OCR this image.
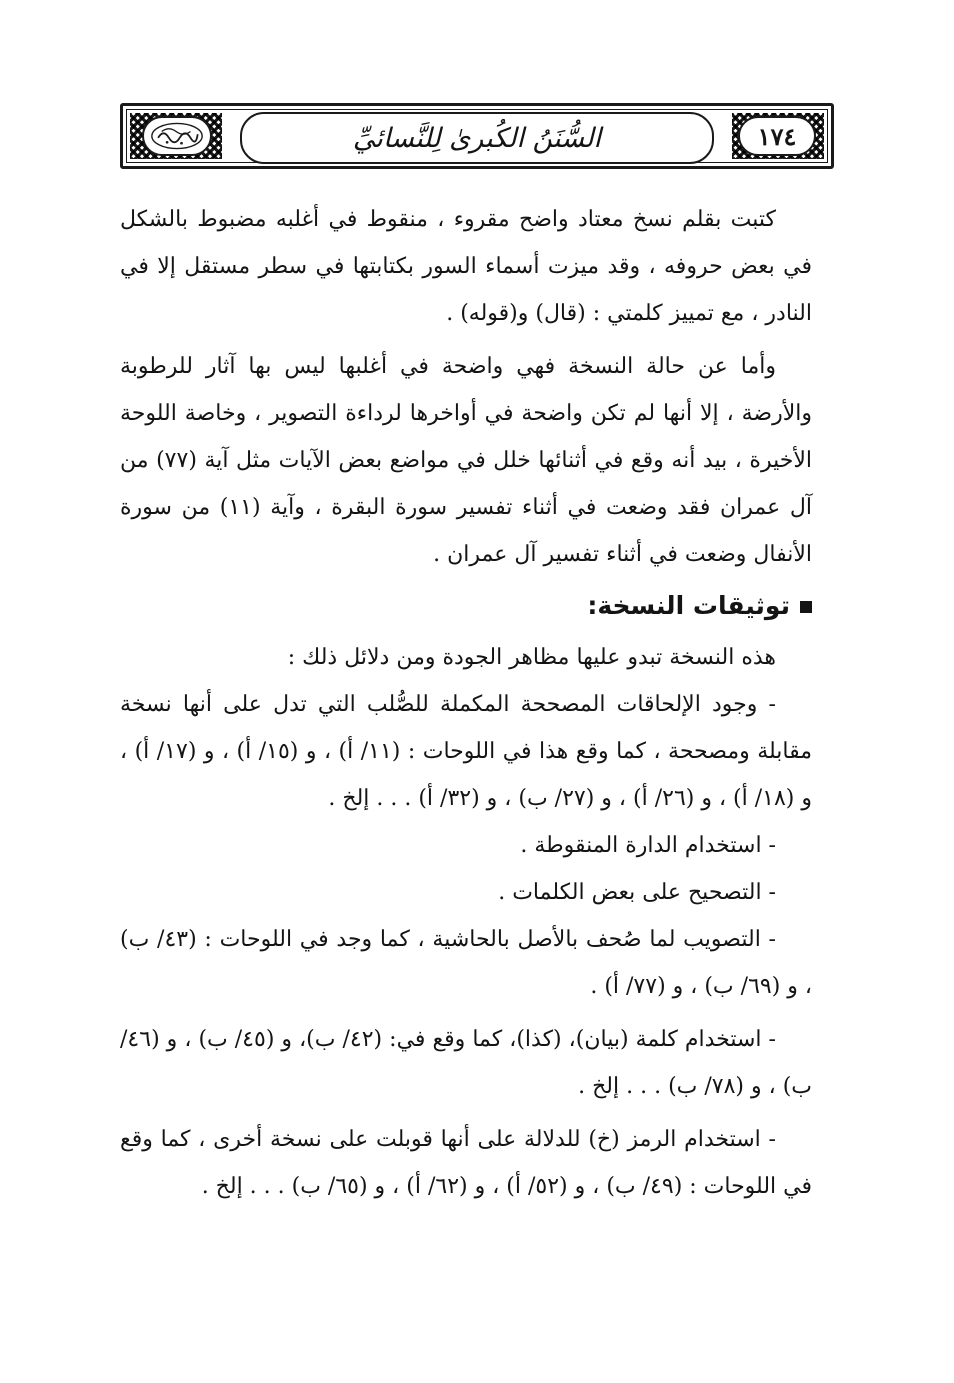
السُّنَنُ الكُبرىٰ لِلنَّسائيِّ	١٧٤

كتبت بقلم نسخ معتاد واضح مقروء ، منقوط في أغلبه مضبوط بالشكل في بعض حروفه ، وقد ميزت أسماء السور بكتابتها في سطر مستقل إلا في النادر ، مع تمييز كلمتي : (قال) و(قوله) .

وأما عن حالة النسخة فهي واضحة في أغلبها ليس بها آثار للرطوبة والأرضة ، إلا أنها لم تكن واضحة في أواخرها لرداءة التصوير ، وخاصة اللوحة الأخيرة ، بيد أنه وقع في أثنائها خلل في مواضع بعض الآيات مثل آية (٧٧) من آل عمران فقد وضعت في أثناء تفسير سورة البقرة ، وآية (١١) من سورة الأنفال وضعت في أثناء تفسير آل عمران .

توثيقات النسخة:

هذه النسخة تبدو عليها مظاهر الجودة ومن دلائل ذلك :

- وجود الإلحاقات المصححة المكملة للصُّلب التي تدل على أنها نسخة مقابلة ومصححة ، كما وقع هذا في اللوحات : (١١/ أ) ، و (١٥/ أ) ، و (١٧/ أ) ، و (١٨/ أ) ، و (٢٦/ أ) ، و (٢٧/ ب) ، و (٣٢/ أ) . . . إلخ .

- استخدام الدارة المنقوطة .

- التصحيح على بعض الكلمات .

- التصويب لما صُحف بالأصل بالحاشية ، كما وجد في اللوحات : (٤٣/ ب) ، و (٦٩/ ب) ، و (٧٧/ أ) .

- استخدام كلمة (بيان)، (كذا)، كما وقع في: (٤٢/ ب)، و (٤٥/ ب) ، و (٤٦/ ب) ، و (٧٨/ ب) . . . إلخ .

- استخدام الرمز (خ) للدلالة على أنها قوبلت على نسخة أخرى ، كما وقع في اللوحات : (٤٩/ ب) ، و (٥٢/ أ) ، و (٦٢/ أ) ، و (٦٥/ ب) . . . إلخ .
